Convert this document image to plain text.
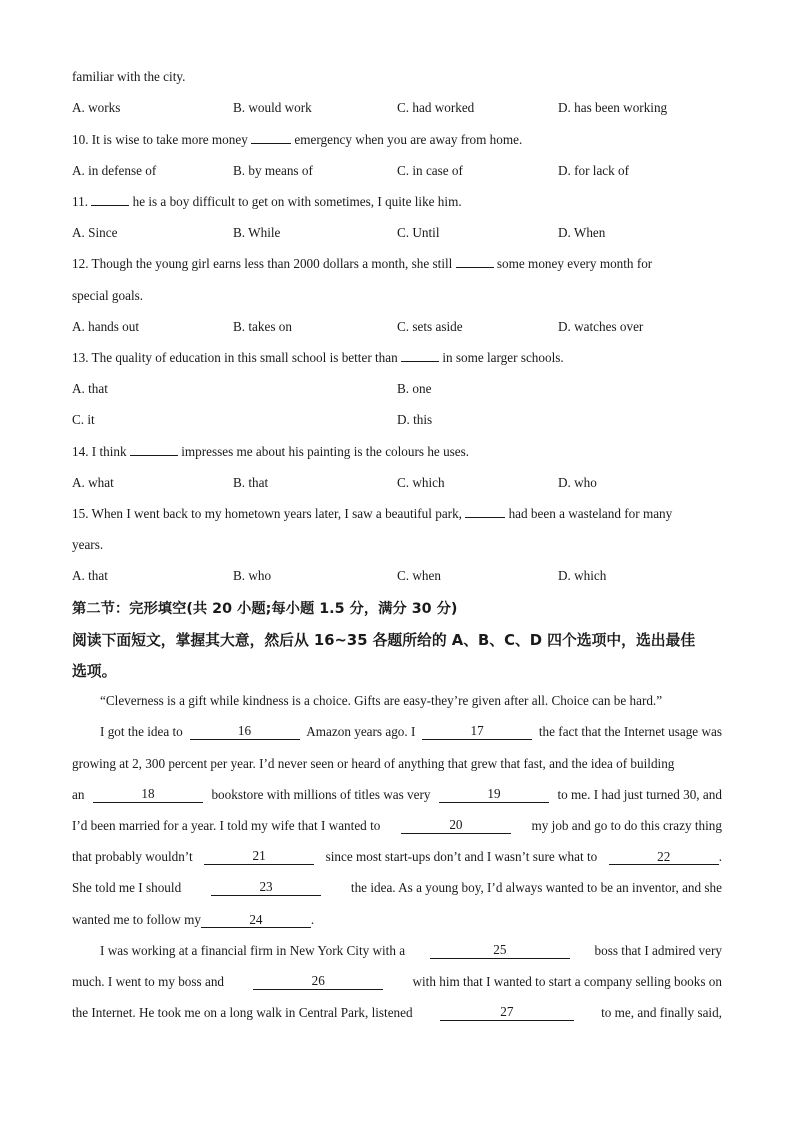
familiar with the city.
A. works	B. would work	C. had worked	D. has been working
10. It is wise to take more money	emergency when you are away from home.
A. in defense of	B. by means of	C. in case of	D. for lack of
11.	he is a boy difficult to get on with sometimes, I quite like him.
A. Since	B. While	C. Until	D. When
12. Though the young girl earns less than 2000 dollars a month, she still	some money every month for
special goals.
A. hands out	B. takes on	C. sets aside	D. watches over
13. The quality of education in this small school is better than	in some larger schools.
A. that	B. one
C. it	D. this
14. I think	impresses me about his painting is the colours he uses.
A. what	B. that	C. which	D. who
15. When I went back to my hometown years later, I saw a beautiful park,	had been a wasteland for many
years.
A. that	B. who	C. when	D. which
第二节：完形填空(共 20 小题;每小题 1.5 分，满分 30 分)
阅读下面短文，掌握其大意，然后从 16~35 各题所给的 A、B、C、D 四个选项中，选出最佳
选项。
“Cleverness is a gift while kindness is a choice. Gifts are easy-they’re given after all. Choice can be hard.”
I got the idea to	16	Amazon years ago. I	17	the fact that the Internet usage was
growing at 2, 300 percent per year. I’d never seen or heard of anything that grew that fast, and the idea of building
an	18	bookstore with millions of titles was very	19	to me. I had just turned 30, and
I’d been married for a year. I told my wife that I wanted to	20	my job and go to do this crazy thing
that probably wouldn’t	21	since most start-ups don’t and I wasn’t sure what to	22	.
She told me I should	23	the idea. As a young boy, I’d always wanted to be an inventor, and she
wanted me to follow my	24	.
I was working at a financial firm in New York City with a	25	boss that I admired very
much. I went to my boss and	26	with him that I wanted to start a company selling books on
the Internet. He took me on a long walk in Central Park, listened	27	to me, and finally said,
